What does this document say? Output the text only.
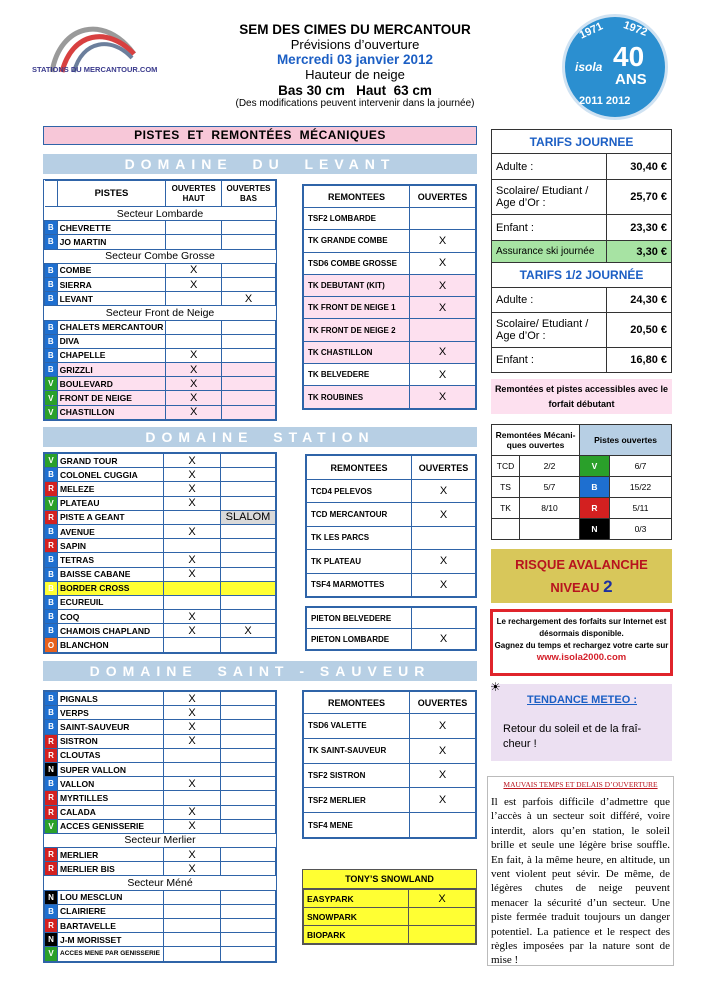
STATIONS DU MERCANTOUR.COM
1971 1972
isola 40
ANS
2011 2012
SEM DES CIMES DU MERCANTOUR
Prévisions d’ouverture
Mercredi 03 janvier 2012
Hauteur de neige
Bas 30 cm   Haut  63 cm
(Des modifications peuvent intervenir dans la journée)
PISTES  ET  REMONTÉES  MÉCANIQUES
DOMAINE  DU  LEVANT
	PISTES	OUVERTES HAUT	OUVERTES BAS
Secteur Lombarde			
B	CHEVRETTE		
B	JO MARTIN		
Secteur Combe Grosse			
B	COMBE	X	
B	SIERRA	X	
B	LEVANT		X
Secteur Front de Neige			
B	CHALETS MERCANTOUR		
B	DIVA		
B	CHAPELLE	X	
B	GRIZZLI	X	
V	BOULEVARD	X	
V	FRONT DE NEIGE	X	
V	CHASTILLON	X	
REMONTEES	OUVERTES
TSF2 LOMBARDE	
TK GRANDE COMBE	X
TSD6 COMBE GROSSE	X
TK DEBUTANT (KIT)	X
TK FRONT DE NEIGE 1	X
TK FRONT DE NEIGE 2	
TK CHASTILLON	X
TK BELVEDERE	X
TK ROUBINES	X
DOMAINE  STATION
V	GRAND TOUR	X	
B	COLONEL CUGGIA	X	
R	MELEZE	X	
V	PLATEAU	X	
R	PISTE A GEANT		SLALOM
B	AVENUE	X	
R	SAPIN		
B	TETRAS	X	
B	BAISSE CABANE	X	
B	BORDER CROSS		
B	ECUREUIL		
B	COQ	X	
B	CHAMOIS CHAPLAND	X	X
O	BLANCHON		
REMONTEES	OUVERTES
TCD4 PELEVOS	X
TCD MERCANTOUR	X
TK LES PARCS	
TK PLATEAU	X
TSF4 MARMOTTES	X
PIETON BELVEDERE	
PIETON LOMBARDE	X
DOMAINE  SAINT - SAUVEUR
B	PIGNALS	X	
B	VERPS	X	
B	SAINT-SAUVEUR	X	
R	SISTRON	X	
R	CLOUTAS		
N	SUPER VALLON		
B	VALLON	X	
R	MYRTILLES		
R	CALADA	X	
V	ACCES GENISSERIE	X	
Secteur Merlier			
R	MERLIER	X	
R	MERLIER BIS	X	
Secteur Méné			
N	LOU MESCLUN		
B	CLAIRIERE		
R	BARTAVELLE		
N	J-M MORISSET		
V	ACCES MENE PAR GENISSERIE		
REMONTEES	OUVERTES
TSD6 VALETTE	X
TK SAINT-SAUVEUR	X
TSF2 SISTRON	X
TSF2 MERLIER	X
TSF4 MENE	
TONY’S SNOWLAND
EASYPARK	X
SNOWPARK	
BIOPARK	
TARIFS JOURNEE	
Adulte :	30,40 €
Scolaire/ Etudiant / Age d’Or :	25,70 €
Enfant :	23,30 €
Assurance ski journée	3,30 €
TARIFS 1/2 JOURNÉE	
Adulte :	24,30 €
Scolaire/ Etudiant / Age d’Or :	20,50 €
Enfant :	16,80 €
Remontées et pistes accessibles avec le forfait débutant
Remontées Mécani-ques ouvertes		Pistes ouvertes	
TCD	2/2	V	6/7
TS	5/7	B	15/22
TK	8/10	R	5/11
		N	0/3
RISQUE AVALANCHE
NIVEAU 2
Le rechargement des forfaits sur Internet est désormais disponible.
Gagnez du temps et rechargez votre carte sur www.isola2000.com
☀
TENDANCE METEO :
Retour du soleil et de la fraî-cheur !
MAUVAIS TEMPS ET DELAIS D’OUVERTURE
Il est parfois difficile d’admettre que l’accès à un secteur soit différé, voire interdit, alors qu’en station, le soleil brille et seule une légère brise souffle. En fait, à la même heure, en altitude, un vent violent peut sévir. De même, de légères chutes de neige peuvent menacer la sécurité d’un secteur. Une piste fermée traduit toujours un danger potentiel. La patience et le respect des règles imposées par la nature sont de mise !
